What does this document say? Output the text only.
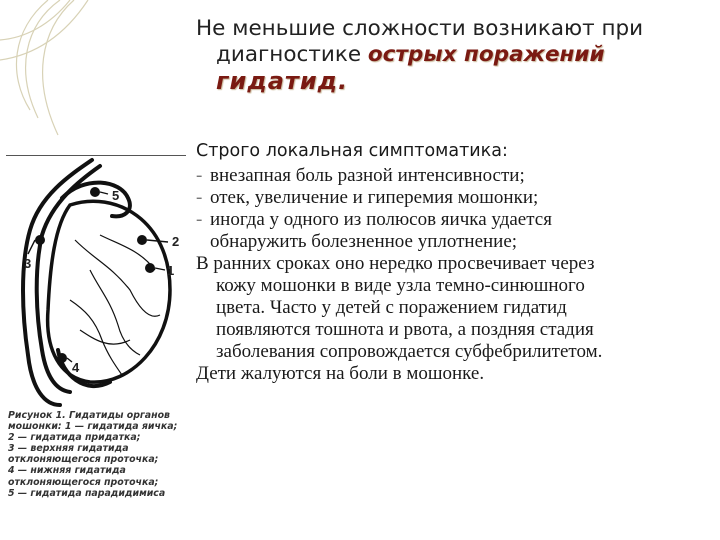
5
2
1
3
4
Рисунок 1. Гидатиды органов
мошонки: 1 — гидатида яичка;
2 — гидатида придатка;
3 — верхняя гидатида
отклоняющегося проточка;
4 — нижняя гидатида
отклоняющегося проточка;
5 — гидатида парадидимиса
Не меньшие сложности возникают при
диагностике острых поражений
гидатид.
Строго локальная симптоматика:
- внезапная боль разной интенсивности;
- отек, увеличение и гиперемия мошонки;
- иногда у одного из полюсов яичка удается
обнаружить болезненное уплотнение;
В ранних сроках оно нередко просвечивает через
кожу мошонки в виде узла темно-синюшного
цвета. Часто у детей с поражением гидатид
появляются тошнота и рвота, а поздняя стадия
заболевания сопровождается субфебрилитетом.
Дети жалуются на боли в мошонке.
